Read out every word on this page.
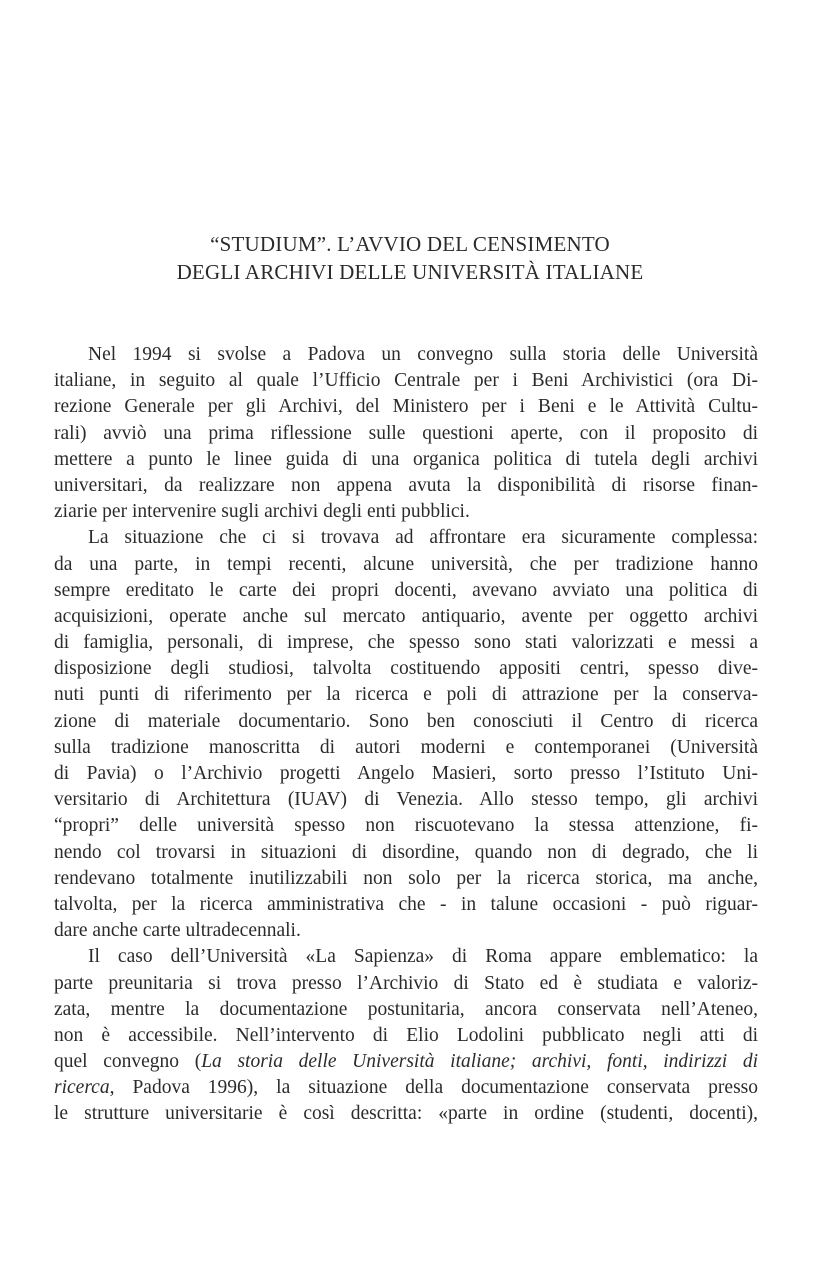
“STUDIUM”. L’AVVIO DEL CENSIMENTO
DEGLI ARCHIVI DELLE UNIVERSITÀ ITALIANE
Nel 1994 si svolse a Padova un convegno sulla storia delle Università
italiane, in seguito al quale l’Ufficio Centrale per i Beni Archivistici (ora Di-
rezione Generale per gli Archivi, del Ministero per i Beni e le Attività Cultu-
rali) avviò una prima riflessione sulle questioni aperte, con il proposito di
mettere a punto le linee guida di una organica politica di tutela degli archivi
universitari, da realizzare non appena avuta la disponibilità di risorse finan-
ziarie per intervenire sugli archivi degli enti pubblici.
La situazione che ci si trovava ad affrontare era sicuramente complessa:
da una parte, in tempi recenti, alcune università, che per tradizione hanno
sempre ereditato le carte dei propri docenti, avevano avviato una politica di
acquisizioni, operate anche sul mercato antiquario, avente per oggetto archivi
di famiglia, personali, di imprese, che spesso sono stati valorizzati e messi a
disposizione degli studiosi, talvolta costituendo appositi centri, spesso dive-
nuti punti di riferimento per la ricerca e poli di attrazione per la conserva-
zione di materiale documentario. Sono ben conosciuti il Centro di ricerca
sulla tradizione manoscritta di autori moderni e contemporanei (Università
di Pavia) o l’Archivio progetti Angelo Masieri, sorto presso l’Istituto Uni-
versitario di Architettura (IUAV) di Venezia. Allo stesso tempo, gli archivi
“propri” delle università spesso non riscuotevano la stessa attenzione, fi-
nendo col trovarsi in situazioni di disordine, quando non di degrado, che li
rendevano totalmente inutilizzabili non solo per la ricerca storica, ma anche,
talvolta, per la ricerca amministrativa che - in talune occasioni - può riguar-
dare anche carte ultradecennali.
Il caso dell’Università «La Sapienza» di Roma appare emblematico: la
parte preunitaria si trova presso l’Archivio di Stato ed è studiata e valoriz-
zata, mentre la documentazione postunitaria, ancora conservata nell’Ateneo,
non è accessibile. Nell’intervento di Elio Lodolini pubblicato negli atti di
quel convegno (La storia delle Università italiane; archivi, fonti, indirizzi di
ricerca, Padova 1996), la situazione della documentazione conservata presso
le strutture universitarie è così descritta: «parte in ordine (studenti, docenti),
